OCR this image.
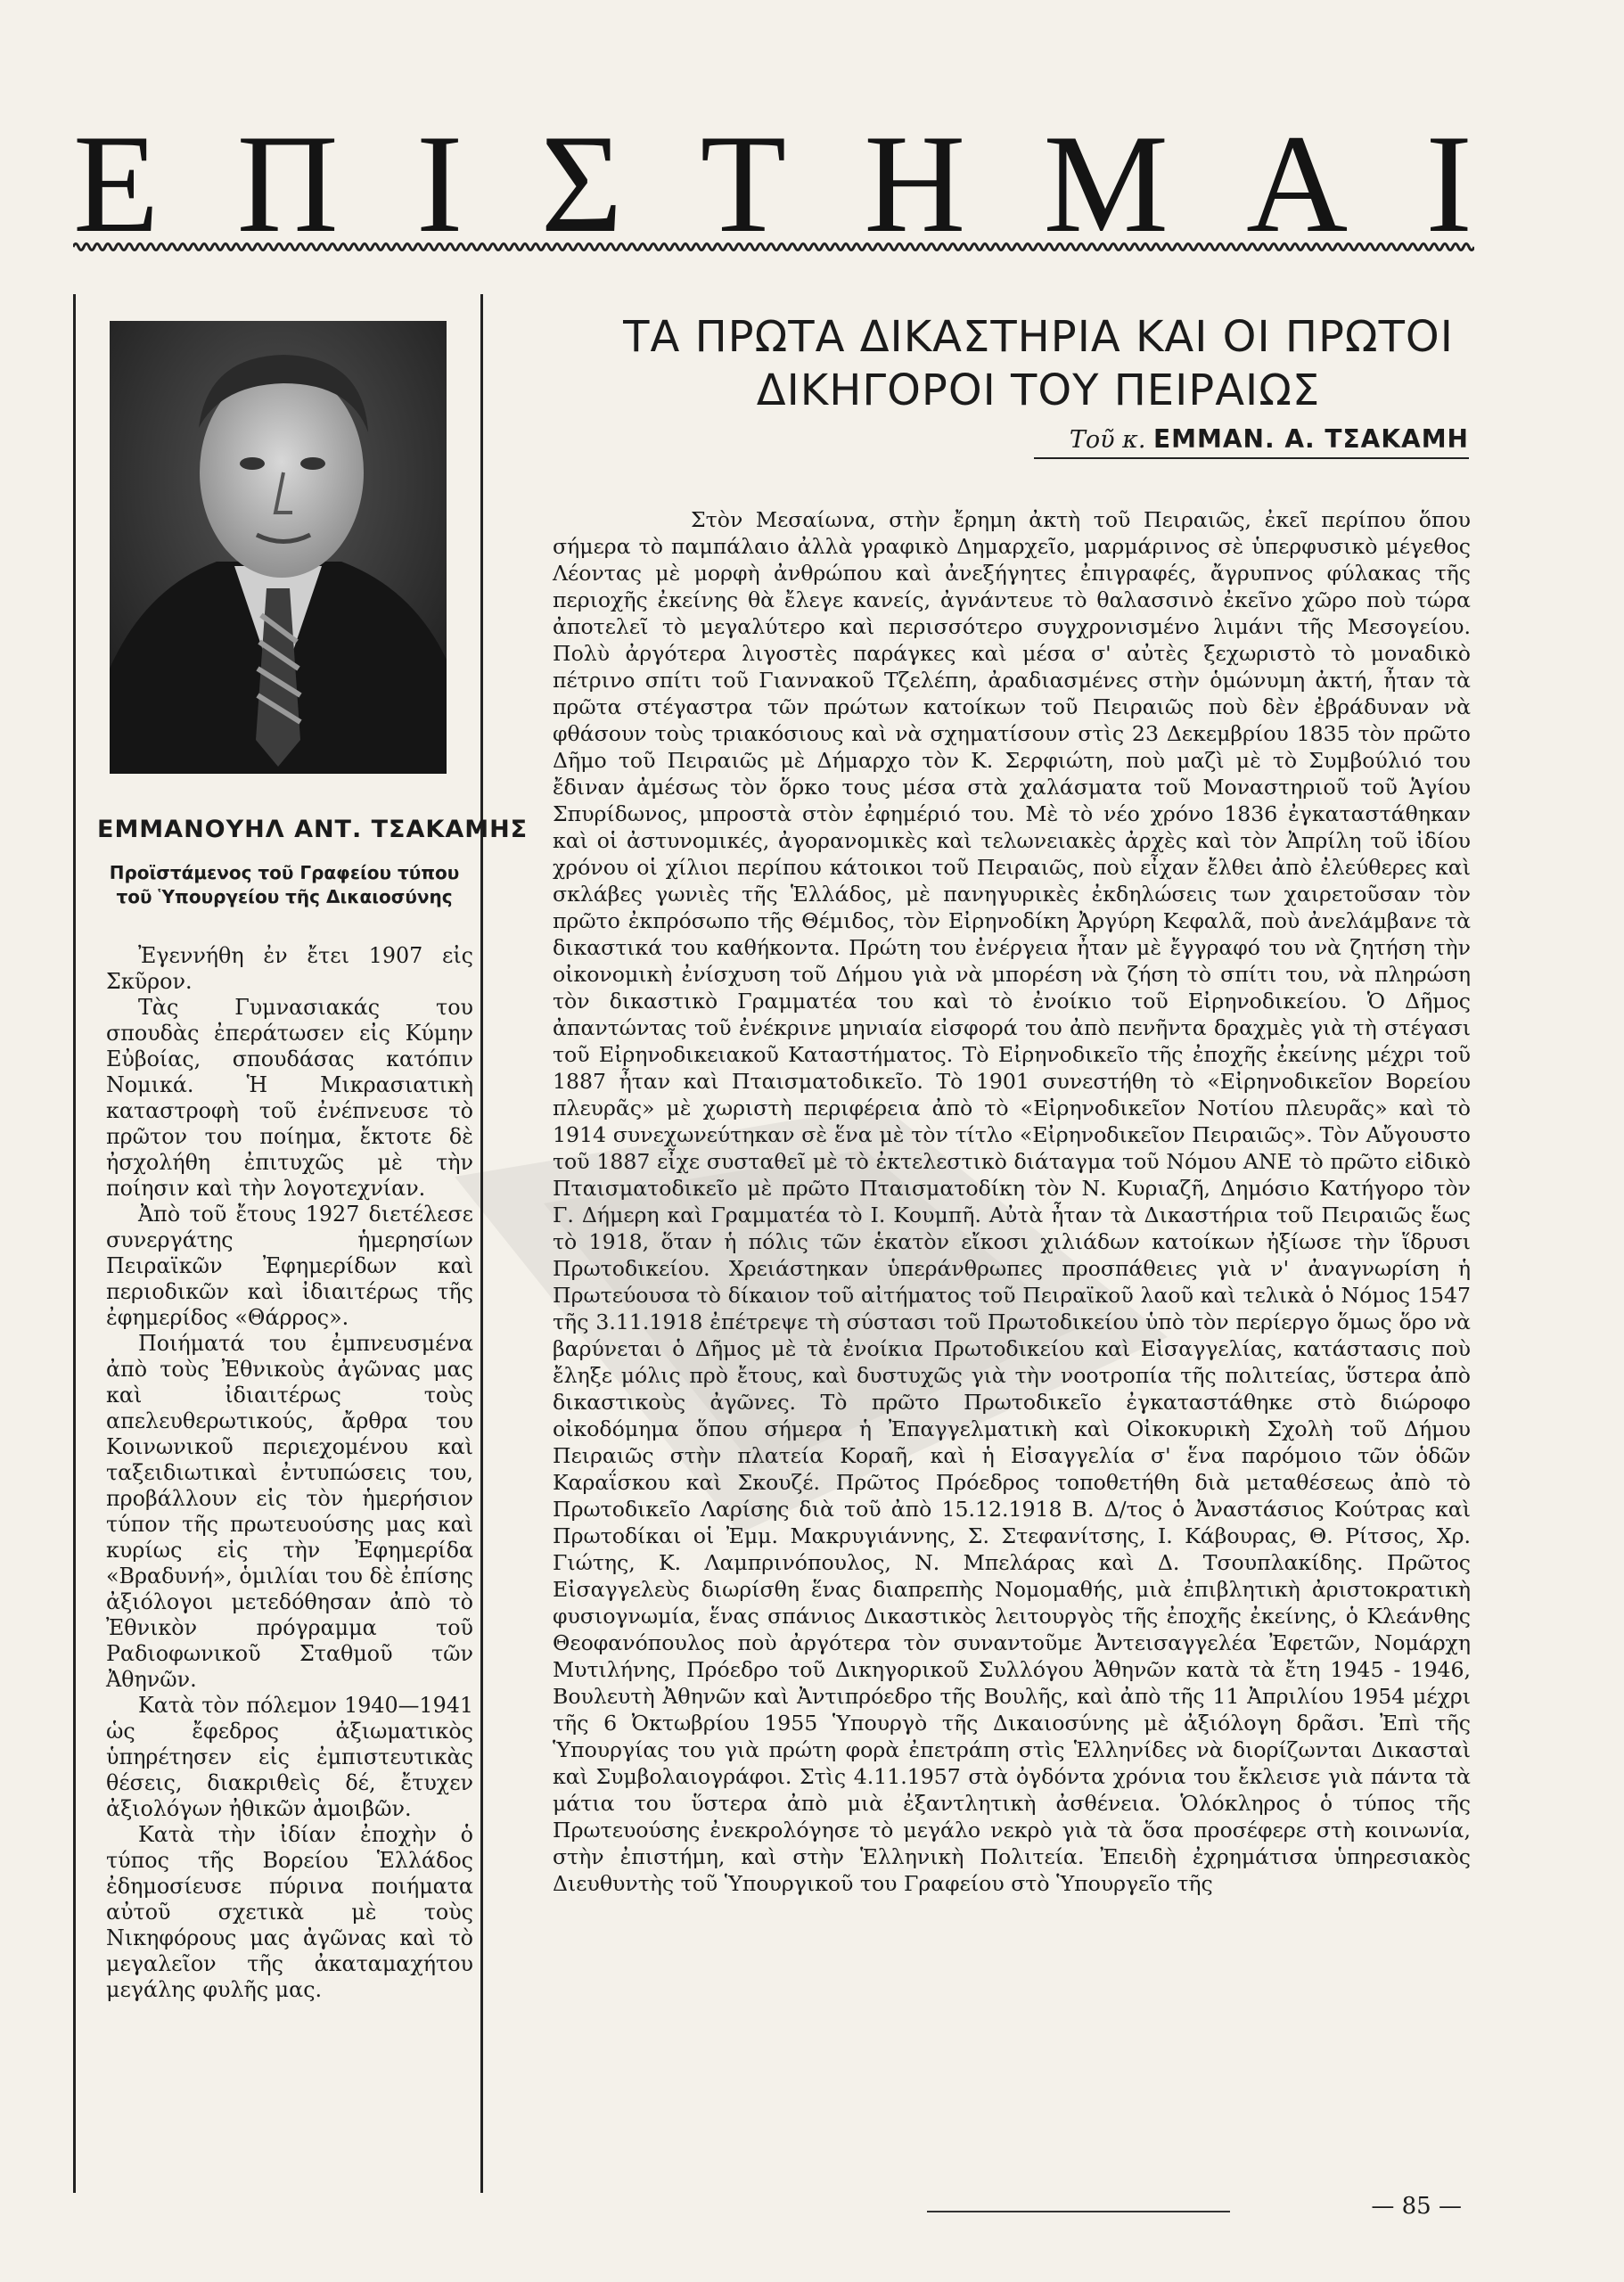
Ε Π Ι Σ Τ Η Μ Α Ι
ΕΜΜΑΝΟΥΗΛ ΑΝΤ. ΤΣΑΚΑΜΗΣ
Προϊστάμενος τοῦ Γραφείου τύπου τοῦ Ὑπουργείου τῆς Δικαιοσύνης

Ἐγεννήθη ἐν ἔτει 1907 εἰς Σκῦρον.

Τὰς Γυμνασιακάς του σπουδὰς ἐπεράτωσεν εἰς Κύμην Εὐβοίας, σπουδάσας κατόπιν Νομικά. Ἡ Μικρασιατικὴ καταστροφὴ τοῦ ἐνέπνευσε τὸ πρῶτον του ποίημα, ἔκτοτε δὲ ἠσχολήθη ἐπιτυχῶς μὲ τὴν ποίησιν καὶ τὴν λογοτεχνίαν.

Ἀπὸ τοῦ ἔτους 1927 διετέλεσε συνεργάτης ἡμερησίων Πειραϊκῶν Ἐφημερίδων καὶ περιοδικῶν καὶ ἰδιαιτέρως τῆς ἐφημερίδος «Θάρρος».

Ποιήματά του ἐμπνευσμένα ἀπὸ τοὺς Ἐθνικοὺς ἀγῶνας μας καὶ ἰδιαιτέρως τοὺς απελευθερωτικούς, ἄρθρα του Κοινωνικοῦ περιεχομένου καὶ ταξειδιωτικαὶ ἐντυπώσεις του, προβάλλουν εἰς τὸν ἡμερήσιον τύπον τῆς πρωτευούσης μας καὶ κυρίως εἰς τὴν Ἐφημερίδα «Βραδυνή», ὁμιλίαι του δὲ ἐπίσης ἀξιόλογοι μετεδόθησαν ἀπὸ τὸ Ἐθνικὸν πρόγραμμα τοῦ Ραδιοφωνικοῦ Σταθμοῦ τῶν Ἀθηνῶν.

Κατὰ τὸν πόλεμον 1940—1941 ὡς ἔφεδρος ἀξιωματικὸς ὑπηρέτησεν εἰς ἐμπιστευτικὰς θέσεις, διακριθεὶς δέ, ἔτυχεν ἀξιολόγων ἠθικῶν ἀμοιβῶν.

Κατὰ τὴν ἰδίαν ἐποχὴν ὁ τύπος τῆς Βορείου Ἑλλάδος ἐδημοσίευσε πύρινα ποιήματα αὐτοῦ σχετικὰ μὲ τοὺς Νικηφόρους μας ἀγῶνας καὶ τὸ μεγαλεῖον τῆς ἀκαταμαχήτου μεγάλης φυλῆς μας.

ΤΑ ΠΡΩΤΑ ΔΙΚΑΣΤΗΡΙΑ ΚΑΙ ΟΙ ΠΡΩΤΟΙ
ΔΙΚΗΓΟΡΟΙ ΤΟΥ ΠΕΙΡΑΙΩΣ
Τοῦ κ. ΕΜΜΑΝ. Α. ΤΣΑΚΑΜΗ

Στὸν Μεσαίωνα, στὴν ἔρημη ἀκτὴ τοῦ Πειραιῶς, ἐκεῖ περίπου ὅπου σήμερα τὸ παμπάλαιο ἀλλὰ γραφικὸ Δημαρχεῖο, μαρμάρινος σὲ ὑπερφυσικὸ μέγεθος Λέοντας μὲ μορφὴ ἀνθρώπου καὶ ἀνεξήγητες ἐπιγραφές, ἄγρυπνος φύλακας τῆς περιοχῆς ἐκείνης θὰ ἔλεγε κανείς, ἀγνάντευε τὸ θαλασσινὸ ἐκεῖνο χῶρο ποὺ τώρα ἀποτελεῖ τὸ μεγαλύτερο καὶ περισσότερο συγχρονισμένο λιμάνι τῆς Μεσογείου. Πολὺ ἀργότερα λιγοστὲς παράγκες καὶ μέσα σ' αὐτὲς ξεχωριστὸ τὸ μοναδικὸ πέτρινο σπίτι τοῦ Γιαννακοῦ Τζελέπη, ἀραδιασμένες στὴν ὁμώνυμη ἀκτή, ἦταν τὰ πρῶτα στέγαστρα τῶν πρώτων κατοίκων τοῦ Πειραιῶς ποὺ δὲν ἐβράδυναν νὰ φθάσουν τοὺς τριακόσιους καὶ νὰ σχηματίσουν στὶς 23 Δεκεμβρίου 1835 τὸν πρῶτο Δῆμο τοῦ Πειραιῶς μὲ Δήμαρχο τὸν Κ. Σερφιώτη, ποὺ μαζὶ μὲ τὸ Συμβούλιό του ἔδιναν ἀμέσως τὸν ὅρκο τους μέσα στὰ χαλάσματα τοῦ Μοναστηριοῦ τοῦ Ἁγίου Σπυρίδωνος, μπροστὰ στὸν ἐφημέριό του. Μὲ τὸ νέο χρόνο 1836 ἐγκαταστάθηκαν καὶ οἱ ἀστυνομικές, ἀγορανομικὲς καὶ τελωνειακὲς ἀρχὲς καὶ τὸν Ἀπρίλη τοῦ ἰδίου χρόνου οἱ χίλιοι περίπου κάτοικοι τοῦ Πειραιῶς, ποὺ εἶχαν ἔλθει ἀπὸ ἐλεύθερες καὶ σκλάβες γωνιὲς τῆς Ἑλλάδος, μὲ πανηγυρικὲς ἐκδηλώσεις των χαιρετοῦσαν τὸν πρῶτο ἐκπρόσωπο τῆς Θέμιδος, τὸν Εἰρηνοδίκη Ἀργύρη Κεφαλᾶ, ποὺ ἀνελάμβανε τὰ δικαστικά του καθήκοντα. Πρώτη του ἐνέργεια ἦταν μὲ ἔγγραφό του νὰ ζητήση τὴν οἰκονομικὴ ἐνίσχυση τοῦ Δήμου γιὰ νὰ μπορέση νὰ ζήση τὸ σπίτι του, νὰ πληρώση τὸν δικαστικὸ Γραμματέα του καὶ τὸ ἐνοίκιο τοῦ Εἰρηνοδικείου. Ὁ Δῆμος ἀπαντώντας τοῦ ἐνέκρινε μηνιαία εἰσφορά του ἀπὸ πενῆντα δραχμὲς γιὰ τὴ στέγασι τοῦ Εἰρηνοδικειακοῦ Καταστήματος. Τὸ Εἰρηνοδικεῖο τῆς ἐποχῆς ἐκείνης μέχρι τοῦ 1887 ἦταν καὶ Πταισματοδικεῖο. Τὸ 1901 συνεστήθη τὸ «Εἰρηνοδικεῖον Βορείου πλευρᾶς» μὲ χωριστὴ περιφέρεια ἀπὸ τὸ «Εἰρηνοδικεῖον Νοτίου πλευρᾶς» καὶ τὸ 1914 συνεχωνεύτηκαν σὲ ἕνα μὲ τὸν τίτλο «Εἰρηνοδικεῖον Πειραιῶς». Τὸν Αὔγουστο τοῦ 1887 εἶχε συσταθεῖ μὲ τὸ ἐκτελεστικὸ διάταγμα τοῦ Νόμου ΑΝΕ τὸ πρῶτο εἰδικὸ Πταισματοδικεῖο μὲ πρῶτο Πταισματοδίκη τὸν Ν. Κυριαζῆ, Δημόσιο Κατήγορο τὸν Γ. Δήμερη καὶ Γραμματέα τὸ Ι. Κουμπῆ. Αὐτὰ ἦταν τὰ Δικαστήρια τοῦ Πειραιῶς ἕως τὸ 1918, ὅταν ἡ πόλις τῶν ἑκατὸν εἴκοσι χιλιάδων κατοίκων ἠξίωσε τὴν ἵδρυσι Πρωτοδικείου. Χρειάστηκαν ὑπεράνθρωπες προσπάθειες γιὰ ν' ἀναγνωρίση ἡ Πρωτεύουσα τὸ δίκαιον τοῦ αἰτήματος τοῦ Πειραϊκοῦ λαοῦ καὶ τελικὰ ὁ Νόμος 1547 τῆς 3.11.1918 ἐπέτρεψε τὴ σύστασι τοῦ Πρωτοδικείου ὑπὸ τὸν περίεργο ὅμως ὅρο νὰ βαρύνεται ὁ Δῆμος μὲ τὰ ἐνοίκια Πρωτοδικείου καὶ Εἰσαγγελίας, κατάστασις ποὺ ἔληξε μόλις πρὸ ἔτους, καὶ δυστυχῶς γιὰ τὴν νοοτροπία τῆς πολιτείας, ὕστερα ἀπὸ δικαστικοὺς ἀγῶνες. Τὸ πρῶτο Πρωτοδικεῖο ἐγκαταστάθηκε στὸ διώροφο οἰκοδόμημα ὅπου σήμερα ἡ Ἐπαγγελματικὴ καὶ Οἰκοκυρικὴ Σχολὴ τοῦ Δήμου Πειραιῶς στὴν πλατεία Κοραῆ, καὶ ἡ Εἰσαγγελία σ' ἕνα παρόμοιο τῶν ὁδῶν Καραΐσκου καὶ Σκουζέ. Πρῶτος Πρόεδρος τοποθετήθη διὰ μεταθέσεως ἀπὸ τὸ Πρωτοδικεῖο Λαρίσης διὰ τοῦ ἀπὸ 15.12.1918 Β. Δ/τος ὁ Ἀναστάσιος Κούτρας καὶ Πρωτοδίκαι οἱ Ἐμμ. Μακρυγιάννης, Σ. Στεφανίτσης, Ι. Κάβουρας, Θ. Ρίτσος, Χρ. Γιώτης, Κ. Λαμπρινόπουλος, Ν. Μπελάρας καὶ Δ. Τσουπλακίδης. Πρῶτος Εἰσαγγελεὺς διωρίσθη ἕνας διαπρεπὴς Νομομαθής, μιὰ ἐπιβλητικὴ ἀριστοκρατικὴ φυσιογνωμία, ἕνας σπάνιος Δικαστικὸς λειτουργὸς τῆς ἐποχῆς ἐκείνης, ὁ Κλεάνθης Θεοφανόπουλος ποὺ ἀργότερα τὸν συναντοῦμε Ἀντεισαγγελέα Ἐφετῶν, Νομάρχη Μυτιλήνης, Πρόεδρο τοῦ Δικηγορικοῦ Συλλόγου Ἀθηνῶν κατὰ τὰ ἔτη 1945 - 1946, Βουλευτὴ Ἀθηνῶν καὶ Ἀντιπρόεδρο τῆς Βουλῆς, καὶ ἀπὸ τῆς 11 Ἀπριλίου 1954 μέχρι τῆς 6 Ὀκτωβρίου 1955 Ὑπουργὸ τῆς Δικαιοσύνης μὲ ἀξιόλογη δρᾶσι. Ἐπὶ τῆς Ὑπουργίας του γιὰ πρώτη φορὰ ἐπετράπη στὶς Ἑλληνίδες νὰ διορίζωνται Δικασταὶ καὶ Συμβολαιογράφοι. Στὶς 4.11.1957 στὰ ὀγδόντα χρόνια του ἔκλεισε γιὰ πάντα τὰ μάτια του ὕστερα ἀπὸ μιὰ ἐξαντλητικὴ ἀσθένεια. Ὁλόκληρος ὁ τύπος τῆς Πρωτευούσης ἐνεκρολόγησε τὸ μεγάλο νεκρὸ γιὰ τὰ ὅσα προσέφερε στὴ κοινωνία, στὴν ἐπιστήμη, καὶ στὴν Ἑλληνικὴ Πολιτεία. Ἐπειδὴ ἐχρημάτισα ὑπηρεσιακὸς Διευθυντὴς τοῦ Ὑπουργικοῦ του Γραφείου στὸ Ὑπουργεῖο τῆς

— 85 —
